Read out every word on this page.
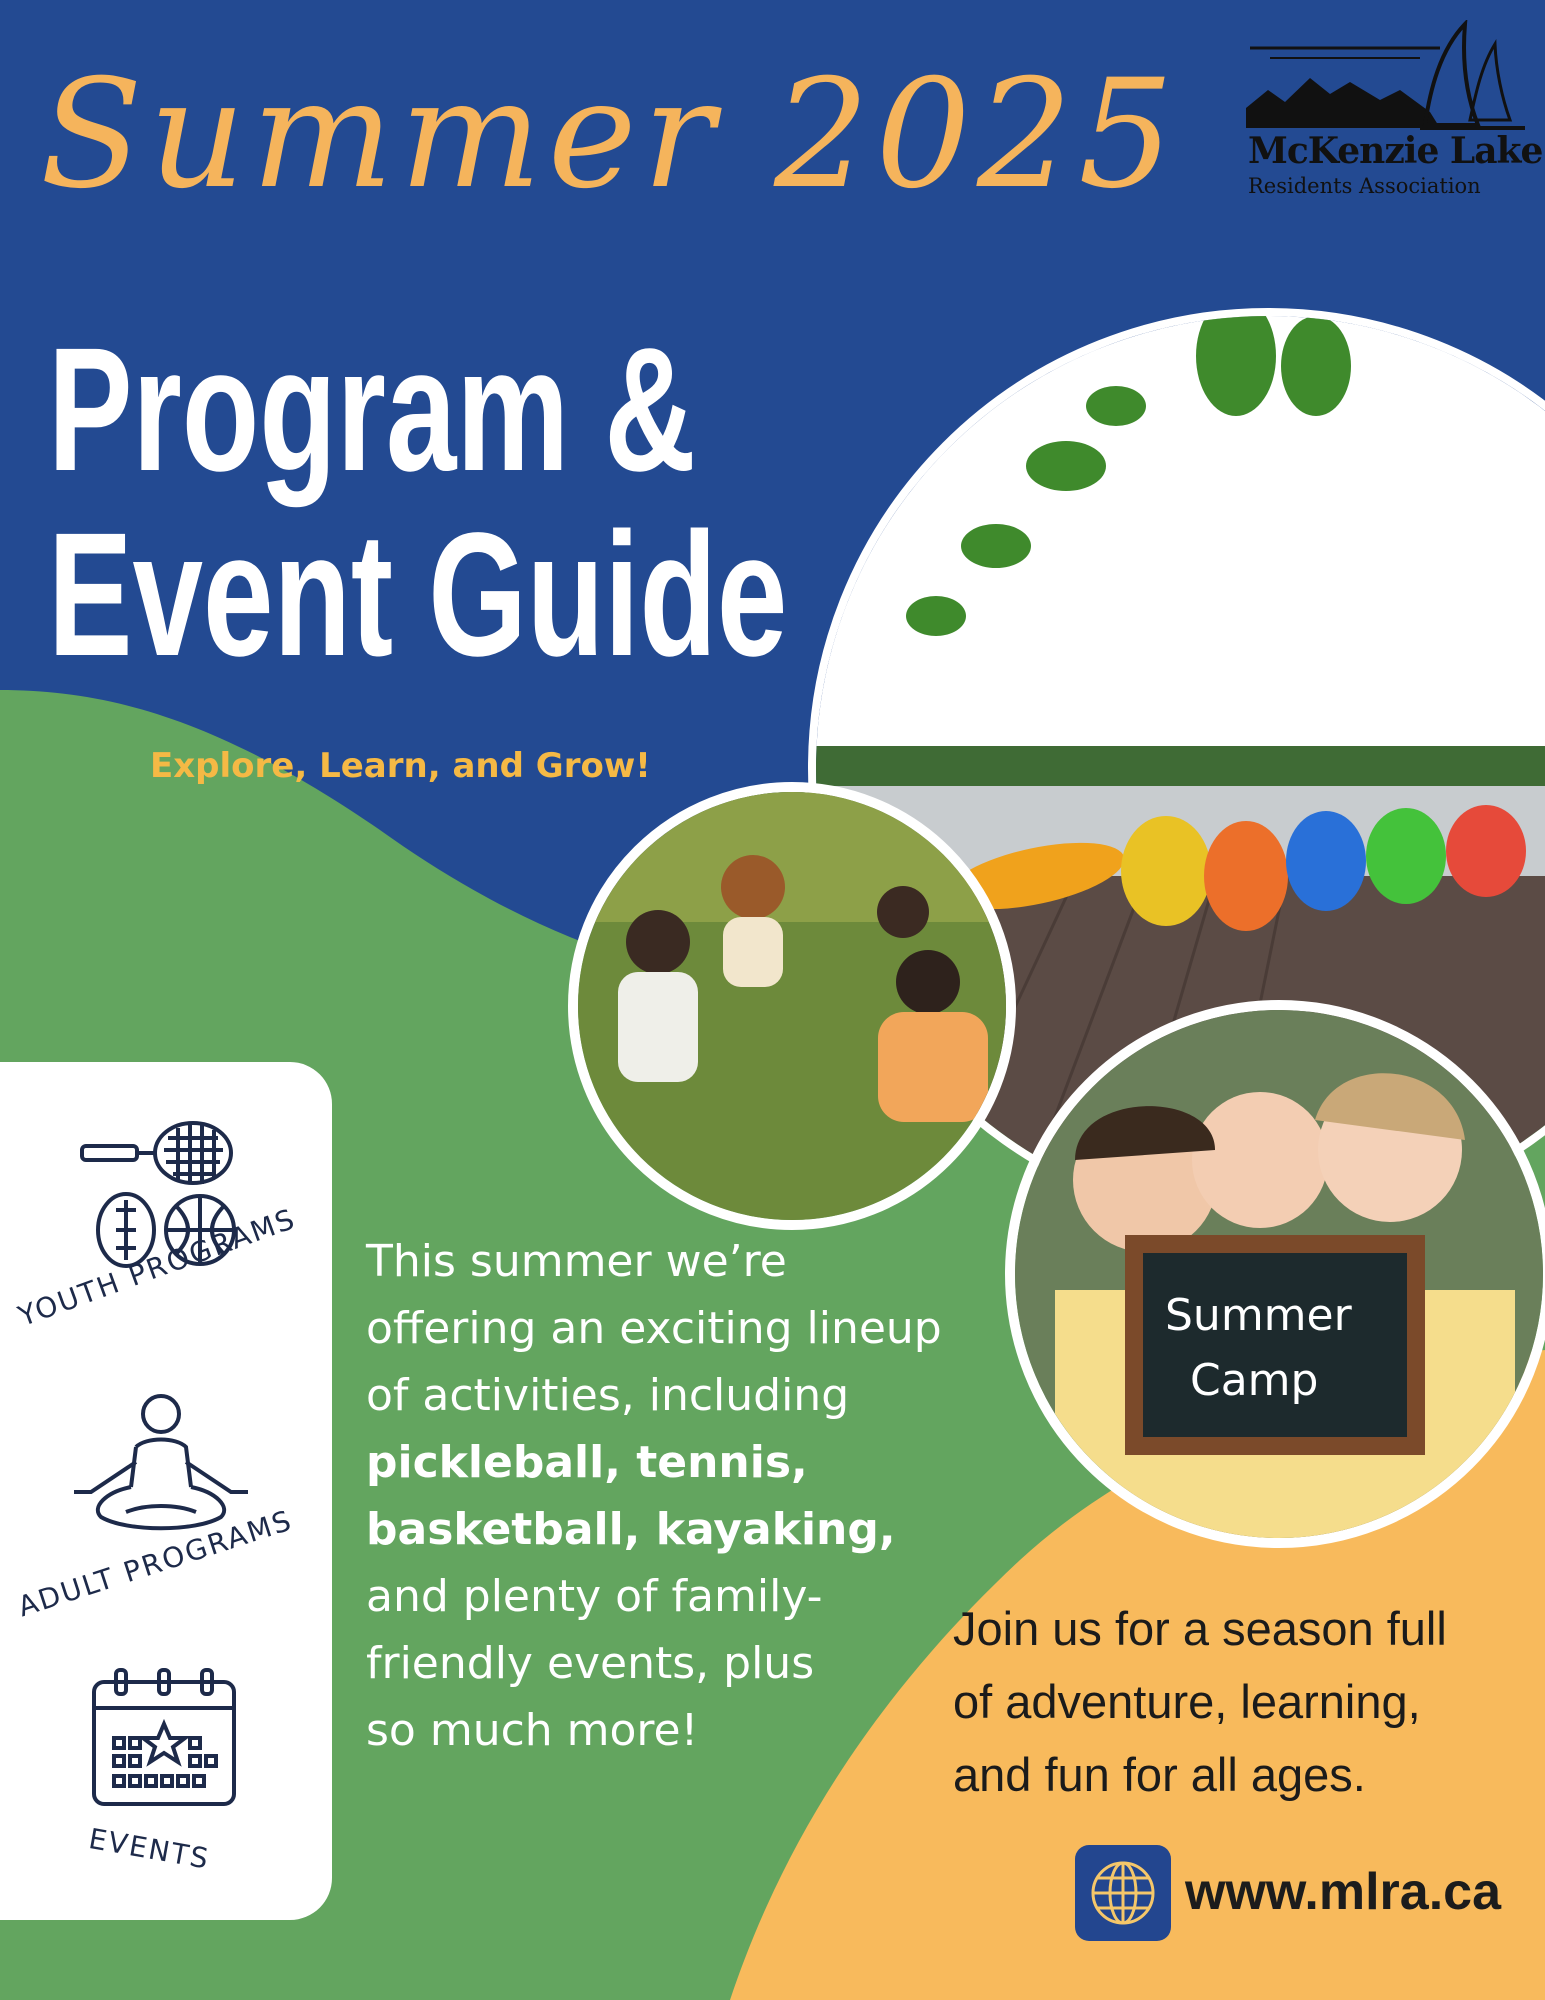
Summer 2025
Program &
Event Guide
Explore, Learn, and Grow!
McKenzie Lake
Residents Association
Summer
Camp
YOUTH PROGRAMS
ADULT PROGRAMS
EVENTS
This summer we’re
offering an exciting lineup
of activities, including
pickleball, tennis,
basketball, kayaking,
and plenty of family-
friendly events, plus
so much more!
Join us for a season full
of adventure, learning,
and fun for all ages.
www.mlra.ca
